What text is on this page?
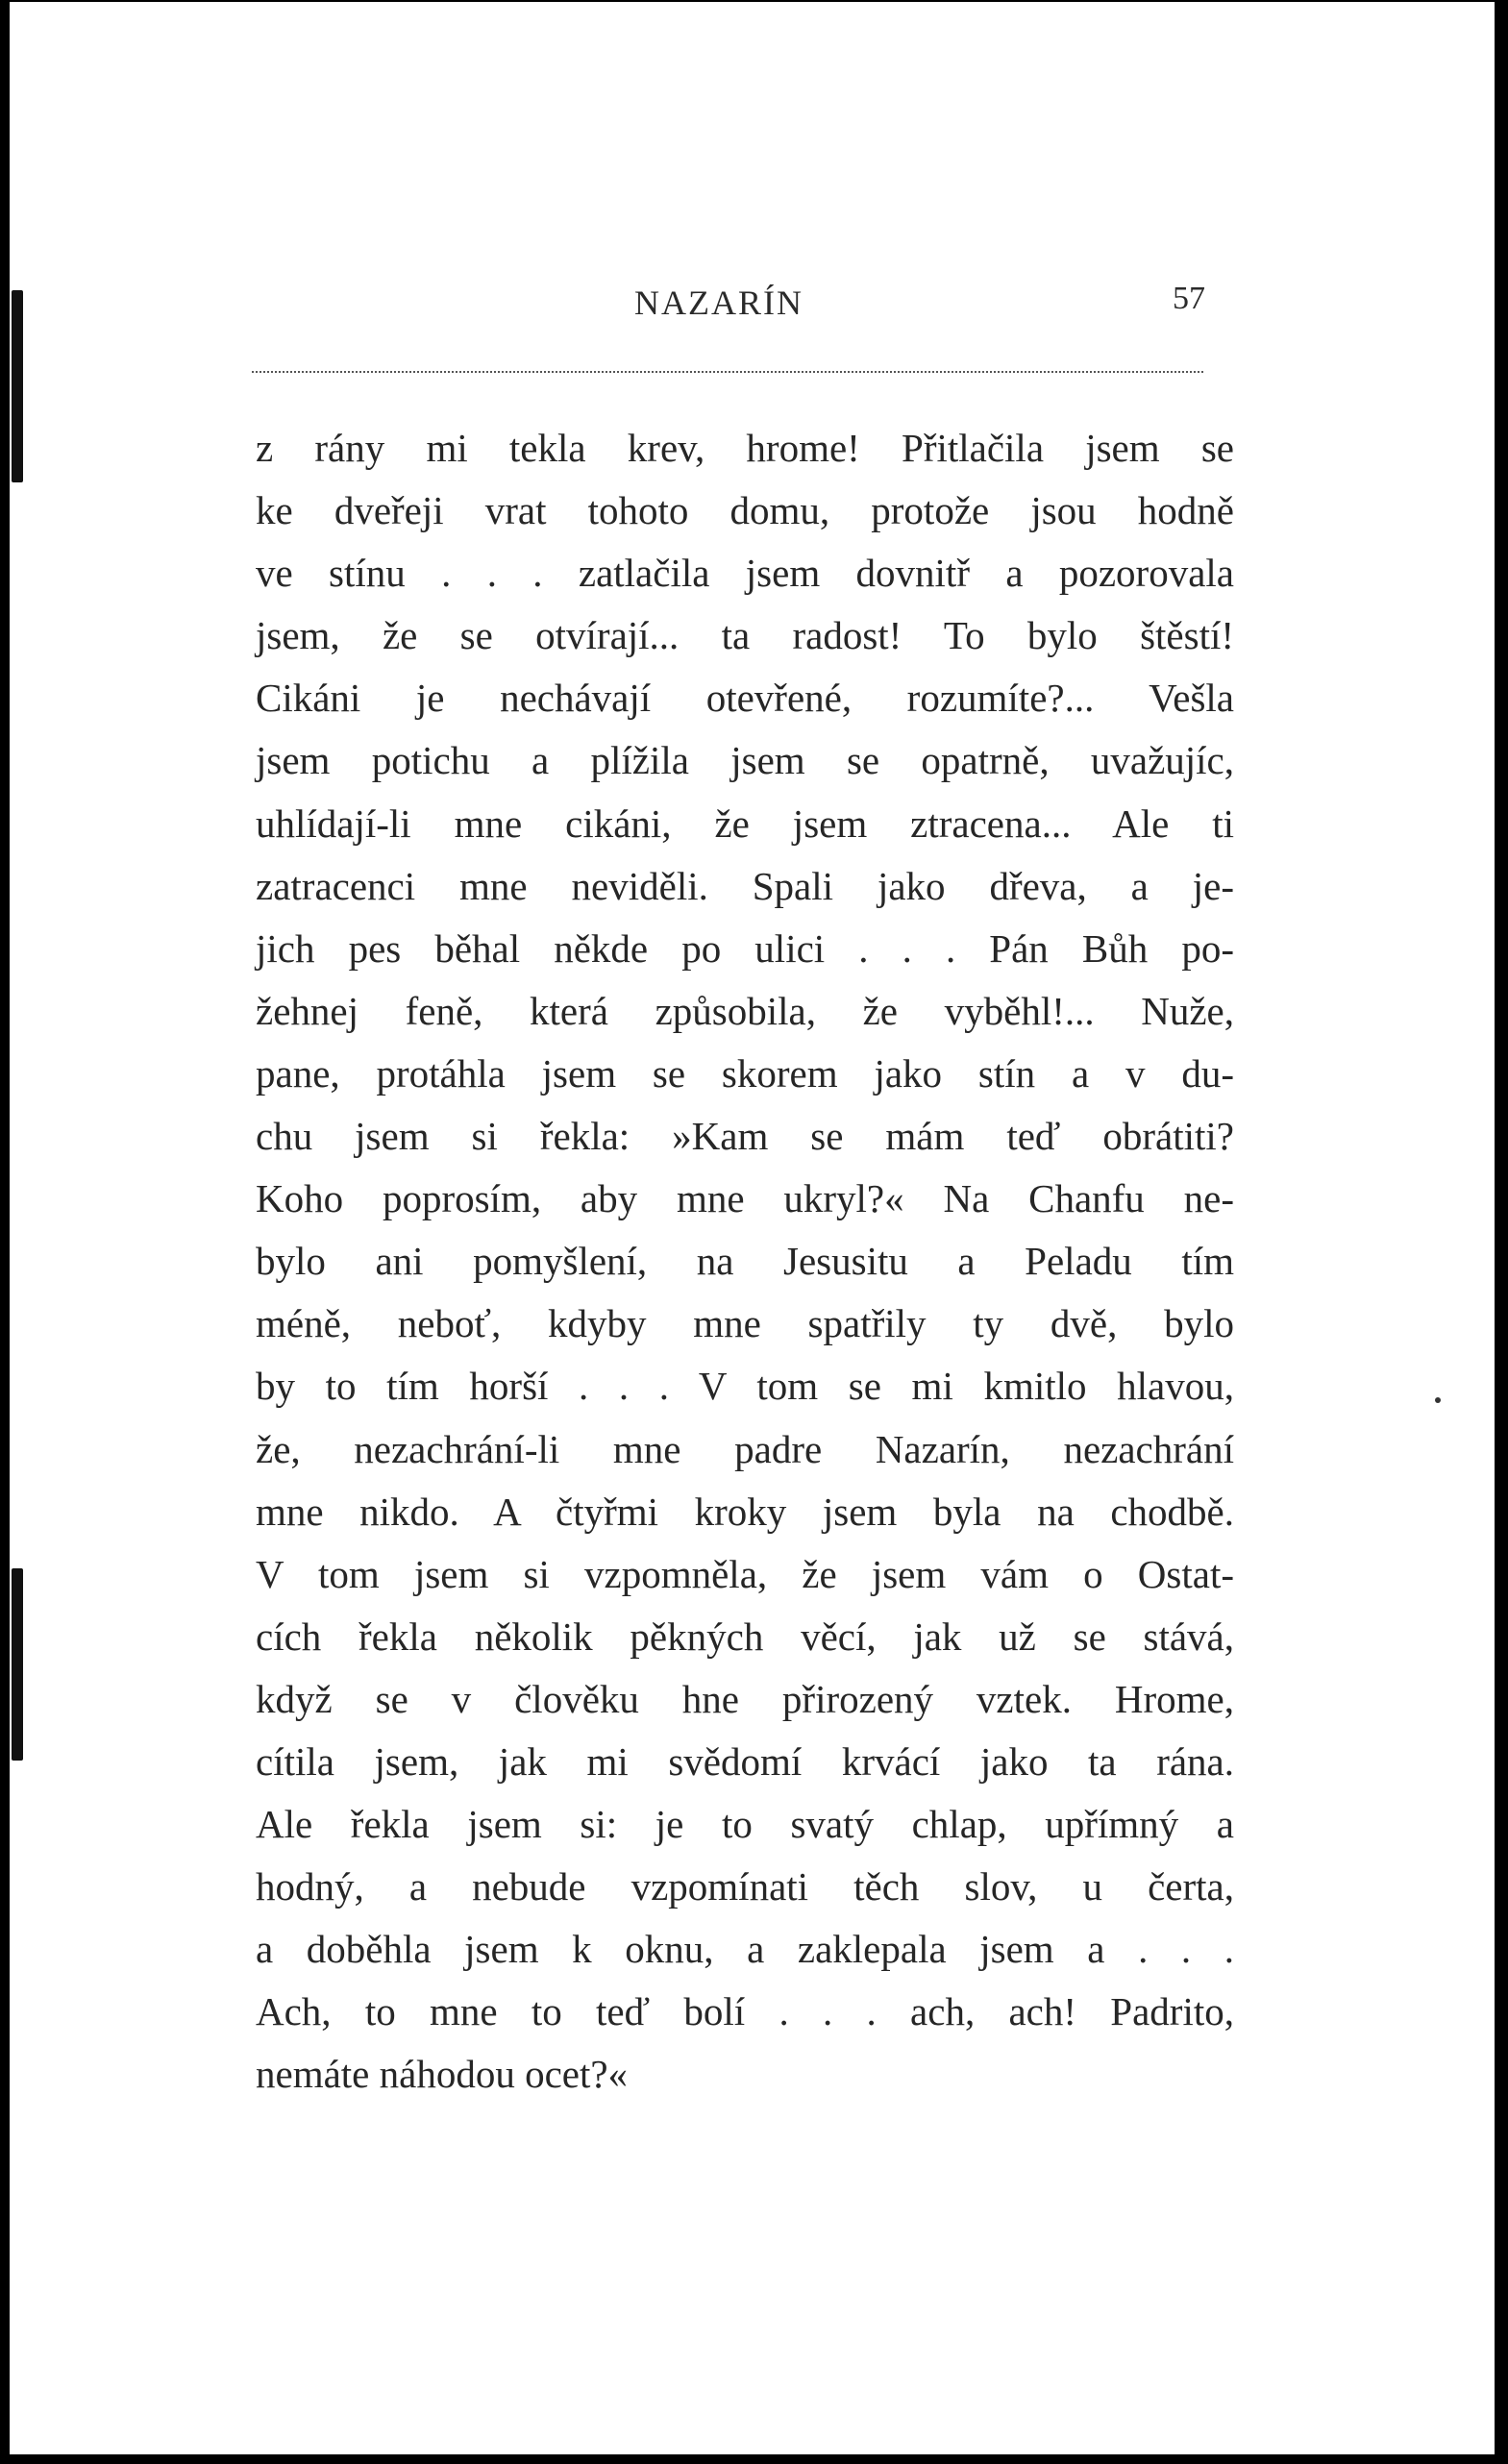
NAZARÍN	57
z rány mi tekla krev, hrome! Přitlačila jsem se
ke dveřeji vrat tohoto domu, protože jsou hodně
ve stínu . . . zatlačila jsem dovnitř a pozorovala
jsem, že se otvírají... ta radost! To bylo štěstí!
Cikáni je nechávají otevřené, rozumíte?... Vešla
jsem potichu a plížila jsem se opatrně, uvažujíc,
uhlídají-li mne cikáni, že jsem ztracena... Ale ti
zatracenci mne neviděli. Spali jako dřeva, a je-
jich pes běhal někde po ulici . . . Pán Bůh po-
žehnej feně, která způsobila, že vyběhl!... Nuže,
pane, protáhla jsem se skorem jako stín a v du-
chu jsem si řekla: »Kam se mám teď obrátiti?
Koho poprosím, aby mne ukryl?« Na Chanfu ne-
bylo ani pomyšlení, na Jesusitu a Peladu tím
méně, neboť, kdyby mne spatřily ty dvě, bylo
by to tím horší . . . V tom se mi kmitlo hlavou,
že, nezachrání-li mne padre Nazarín, nezachrání
mne nikdo. A čtyřmi kroky jsem byla na chodbě.
V tom jsem si vzpomněla, že jsem vám o Ostat-
cích řekla několik pěkných věcí, jak už se stává,
když se v člověku hne přirozený vztek. Hrome,
cítila jsem, jak mi svědomí krvácí jako ta rána.
Ale řekla jsem si: je to svatý chlap, upřímný a
hodný, a nebude vzpomínati těch slov, u čerta,
a doběhla jsem k oknu, a zaklepala jsem a . . .
Ach, to mne to teď bolí . . . ach, ach! Padrito,
nemáte náhodou ocet?«
